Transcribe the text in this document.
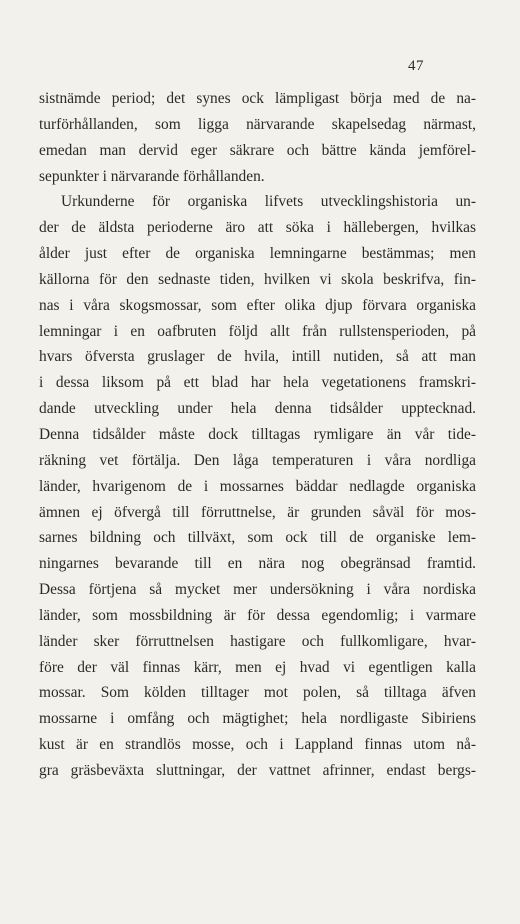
47
sistnämde period; det synes ock lämpligast börja med de na-
turförhållanden, som ligga närvarande skapelsedag närmast,
emedan man dervid eger säkrare och bättre kända jemförel-
sepunkter i närvarande förhållanden.
Urkunderne för organiska lifvets utvecklingshistoria un-
der de äldsta perioderne äro att söka i hällebergen, hvilkas
ålder just efter de organiska lemningarne bestämmas; men
källorna för den sednaste tiden, hvilken vi skola beskrifva, fin-
nas i våra skogsmossar, som efter olika djup förvara organiska
lemningar i en oafbruten följd allt från rullstensperioden, på
hvars öfversta gruslager de hvila, intill nutiden, så att man
i dessa liksom på ett blad har hela vegetationens framskri-
dande utveckling under hela denna tidsålder upptecknad.
Denna tidsålder måste dock tilltagas rymligare än vår tide-
räkning vet förtälja. Den låga temperaturen i våra nordliga
länder, hvarigenom de i mossarnes bäddar nedlagde organiska
ämnen ej öfvergå till förruttnelse, är grunden såväl för mos-
sarnes bildning och tillväxt, som ock till de organiske lem-
ningarnes bevarande till en nära nog obegränsad framtid.
Dessa förtjena så mycket mer undersökning i våra nordiska
länder, som mossbildning är för dessa egendomlig; i varmare
länder sker förruttnelsen hastigare och fullkomligare, hvar-
före der väl finnas kärr, men ej hvad vi egentligen kalla
mossar. Som kölden tilltager mot polen, så tilltaga äfven
mossarne i omfång och mägtighet; hela nordligaste Sibiriens
kust är en strandlös mosse, och i Lappland finnas utom nå-
gra gräsbeväxta sluttningar, der vattnet afrinner, endast bergs-
